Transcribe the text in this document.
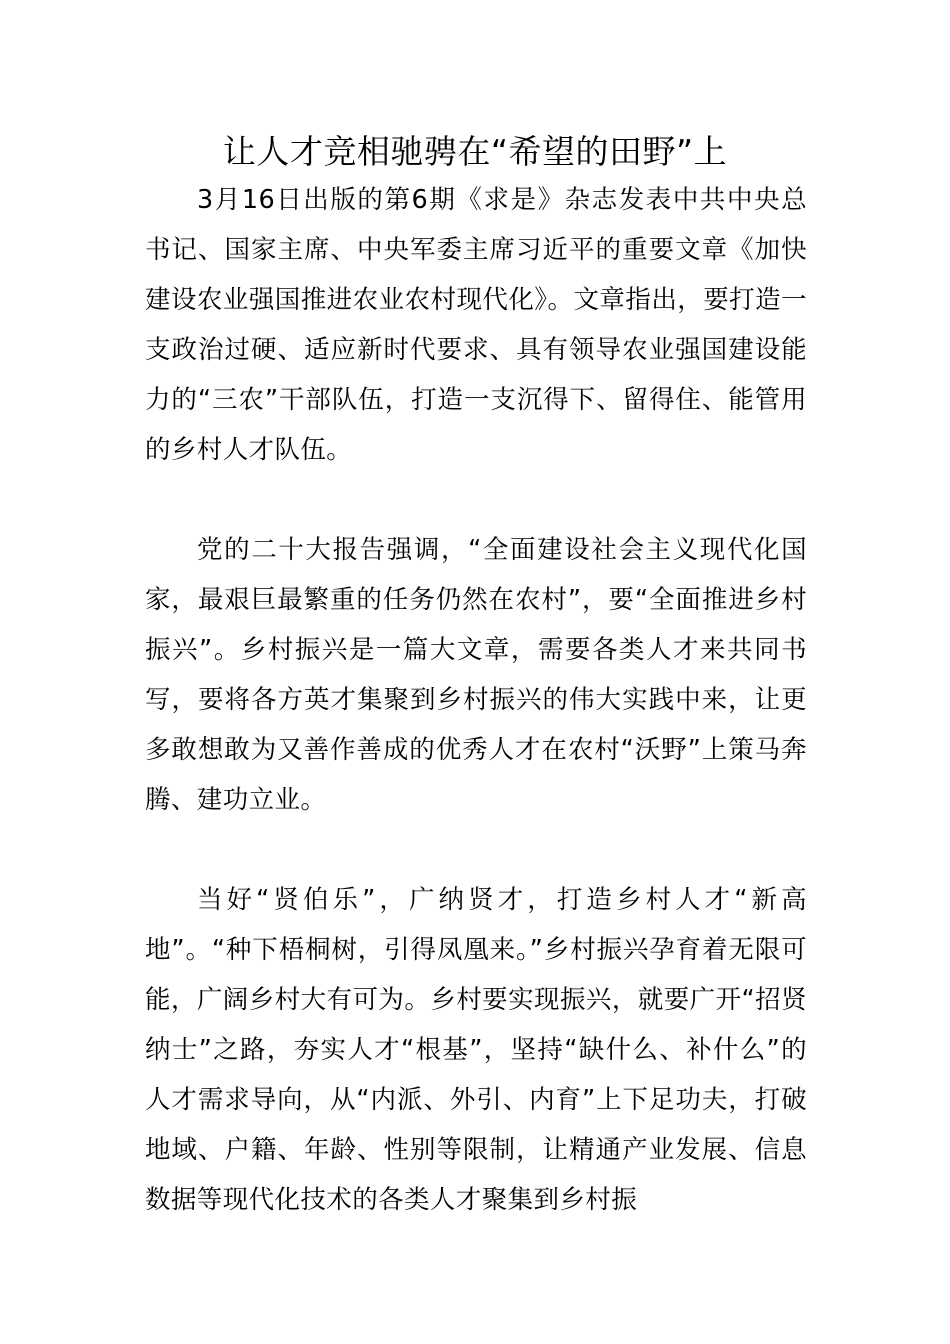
让人才竞相驰骋在“希望的田野”上

3月16日出版的第6期《求是》杂志发表中共中央总书记、国家主席、中央军委主席习近平的重要文章《加快建设农业强国推进农业农村现代化》。文章指出，要打造一支政治过硬、适应新时代要求、具有领导农业强国建设能力的“三农”干部队伍，打造一支沉得下、留得住、能管用的乡村人才队伍。

党的二十大报告强调，“全面建设社会主义现代化国家，最艰巨最繁重的任务仍然在农村”，要“全面推进乡村振兴”。乡村振兴是一篇大文章，需要各类人才来共同书写，要将各方英才集聚到乡村振兴的伟大实践中来，让更多敢想敢为又善作善成的优秀人才在农村“沃野”上策马奔腾、建功立业。

当好“贤伯乐”，广纳贤才，打造乡村人才“新高地”。“种下梧桐树，引得凤凰来。”乡村振兴孕育着无限可能，广阔乡村大有可为。乡村要实现振兴，就要广开“招贤纳士”之路，夯实人才“根基”，坚持“缺什么、补什么”的人才需求导向，从“内派、外引、内育”上下足功夫，打破地域、户籍、年龄、性别等限制，让精通产业发展、信息数据等现代化技术的各类人才聚集到乡村振
